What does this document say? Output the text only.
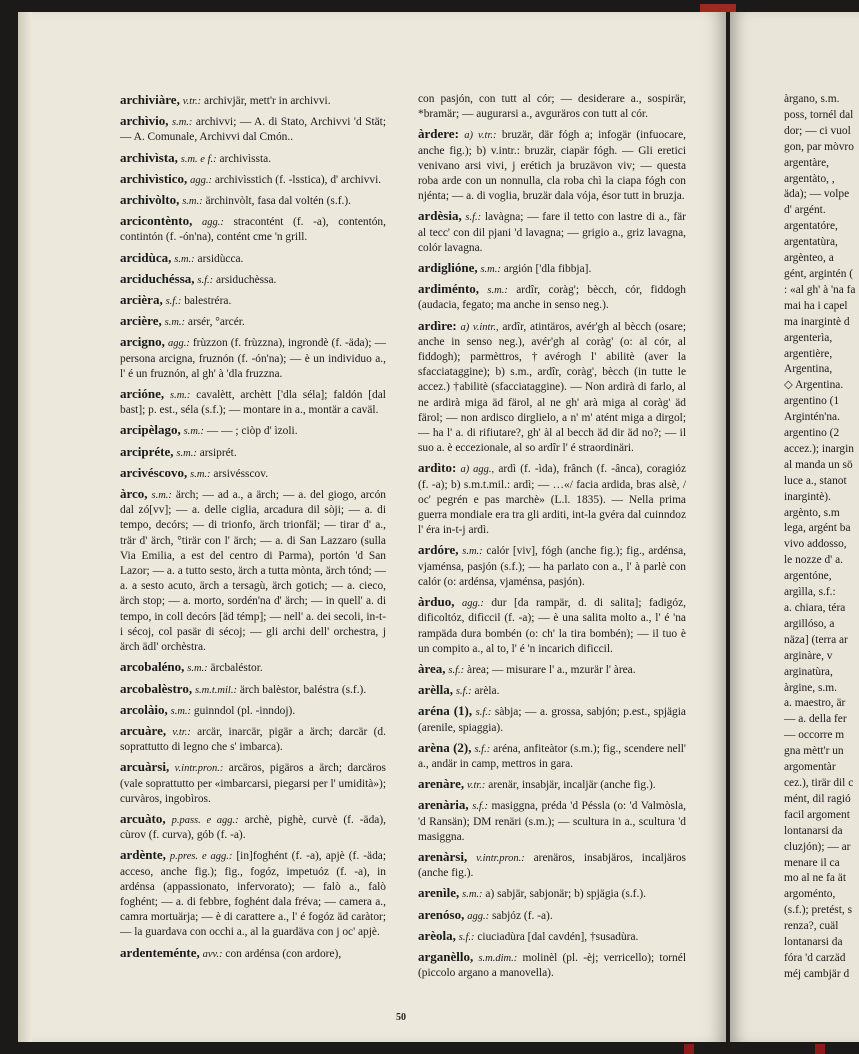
archiviàre, v.tr.: archivjär, mett'r in archivvi.

archìvio, s.m.: archivvi; — A. di Stato, Archivvi 'd Stät; — A. Comunale, Archivvi dal Cmón..

archivìsta, s.m. e f.: archivìssta.

archivìstico, agg.: archivìsstich (f. -lsstica), d' archivvi.

archivòlto, s.m.: ärchinvòlt, fasa dal voltén (s.f.).

arcicontènto, agg.: stracontént (f. -a), contentón, contintón (f. -ón'na), contént cme 'n grill.

arcidùca, s.m.: arsidùcca.

arciduchéssa, s.f.: arsiduchèssa.

arcièra, s.f.: balestréra.

arcière, s.m.: arsér, °arcér.

arcigno, agg.: frùzzon (f. frùzzna), ingrondè (f. -äda); — persona arcigna, fruznón (f. -ón'na); — è un individuo a., l' é un fruznón, al gh' à 'dla fruzzna.

arcióne, s.m.: cavalètt, archètt ['dla séla]; faldón [dal bast]; p. est., séla (s.f.); — montare in a., montär a caväl.

arcipèlago, s.m.: — — ; ciòp d' ìzoli.

arcipréte, s.m.: arsiprét.

arcivéscovo, s.m.: arsivésscov.

àrco, s.m.: ärch; — ad a., a ärch; — a. del giogo, arcón dal zó[vv]; — a. delle ciglia, arcadura dil sòji; — a. di tempo, decórs; — di trionfo, ärch trionfäl; — tirar d' a., trär d' ärch, °tirär con l' ärch; — a. di San Lazzaro (sulla Via Emilia, a est del centro di Parma), portón 'd San Lazor; — a. a tutto sesto, ärch a tutta mònta, ärch tónd; — a. a sesto acuto, ärch a tersagù, ärch gotich; — a. cieco, ärch stop; — a. morto, sordén'na d' ärch; — in quell' a. di tempo, in coll decórs [äd témp]; — nell' a. dei secoli, in-t-i sécoj, col pasär di sécoj; — gli archi dell' orchestra, j ärch ädl' orchèstra.

arcobaléno, s.m.: ärcbaléstor.

arcobalèstro, s.m.t.mil.: ärch balèstor, baléstra (s.f.).

arcolàio, s.m.: guinndol (pl. -inndoj).

arcuàre, v.tr.: arcär, inarcär, pigär a ärch; darcär (d. soprattutto di legno che s' imbarca).

arcuàrsi, v.intr.pron.: arcäros, pigäros a ärch; darcäros (vale soprattutto per «imbarcarsi, piegarsi per l' umidità»); curvàros, ingobìros.

arcuàto, p.pass. e agg.: archè, pighè, curvè (f. -äda), cùrov (f. curva), gób (f. -a).

ardènte, p.pres. e agg.: [in]foghént (f. -a), apjè (f. -äda; acceso, anche fig.); fig., fogóz, impetuóz (f. -a), in ardénsa (appassionato, infervorato); — falò a., falò foghént; — a. di febbre, foghént dala fréva; — camera a., camra mortuärja; — è di carattere a., l' é fogóz äd caràtor; — la guardava con occhi a., al la guardäva con j oc' apjè.

ardenteménte, avv.: con ardénsa (con ardore),

con pasjón, con tutt al cór; — desiderare a., sospirär, *bramär; — augurarsi a., avguräros con tutt al cór.

àrdere: a) v.tr.: bruzär, där fógh a; infogär (infuocare, anche fig.); b) v.intr.: bruzär, ciapär fógh. — Gli eretici venivano arsi vivi, j erétich ja bruzävon viv; — questa roba arde con un nonnulla, cla roba chì la ciapa fógh con njénta; — a. di voglia, bruzär dala vója, ésor tutt in bruzja.

ardèsia, s.f.: lavàgna; — fare il tetto con lastre di a., fär al tecc' con dil pjani 'd lavagna; — grigio a., griz lavagna, colór lavagna.

ardiglióne, s.m.: argión ['dla fibbja].

ardiménto, s.m.: ardîr, coràg'; bècch, cór, fiddogh (audacia, fegato; ma anche in senso neg.).

ardìre: a) v.intr., ardîr, atintäros, avér'gh al bècch (osare; anche in senso neg.), avér'gh al coràg' (o: al cór, al fiddogh); parmèttros, †avérogh l' abilitè (aver la sfacciataggine); b) s.m., ardîr, coràg', bècch (in tutte le accez.) †abilitè (sfacciataggine). — Non ardirà di farlo, al ne ardirà miga äd färol, al ne gh' arà miga al coràg' äd färol; — non ardisco dirglielo, a n' m' atént miga a dirgol; — ha l' a. di rifiutare?, gh' àl al becch äd dir äd no?; — il suo a. è eccezionale, al so ardîr l' é straordinäri.

ardìto: a) agg., ardì (f. -ìda), frânch (f. -ânca), coragióz (f. -a); b) s.m.t.mil.: ardì; — …«/ facia ardida, bras alsè, / oc' pegrén e pas marchè» (L.l. 1835). — Nella prima guerra mondiale era tra gli arditi, int-la gvéra dal cuinndoz l' éra in-t-j ardì.

ardóre, s.m.: calór [viv], fógh (anche fig.); fig., ardénsa, vjaménsa, pasjón (s.f.); — ha parlato con a., l' à parlè con calór (o: ardénsa, vjaménsa, pasjón).

àrduo, agg.: dur [da rampär, d. di salita]; fadigóz, dificoltóz, difìccil (f. -a); — è una salita molto a., l' é 'na rampäda dura bombén (o: ch' la tira bombén); — il tuo è un compito a., al to, l' é 'n incarich dificcil.

àrea, s.f.: àrea; — misurare l' a., mzurär l' àrea.

arèlla, s.f.: arèla.

aréna (1), s.f.: sàbja; — a. grossa, sabjón; p.est., spjägia (arenile, spiaggia).

arèna (2), s.f.: aréna, anfiteàtor (s.m.); fig., scendere nell' a., andär in camp, mettros in gara.

arenàre, v.tr.: arenär, insabjär, incaljär (anche fig.).

arenària, s.f.: masiggna, préda 'd Péssla (o: 'd Valmòsla, 'd Ransän); DM renäri (s.m.); — scultura in a., scultura 'd masiggna.

arenàrsi, v.intr.pron.: arenäros, insabjäros, incaljäros (anche fig.).

arenìle, s.m.: a) sabjär, sabjonär; b) spjägia (s.f.).

arenóso, agg.: sabjóz (f. -a).

arèola, s.f.: ciuciadùra [dal cavdén], †susadùra.

arganèllo, s.m.dim.: molinèl (pl. -èj; verricello); tornél (piccolo argano a manovella).

àrgano, s.m.
poss, tornél dal
dor; — ci vuol
gon, par mòvro
argentàre,
argentàto, ,
äda); — volpe
d' argént.
argentatóre,
argentatùra,
argènteo, a
gént, argintén (
: «al gh' à 'na fa
mai ha i capel
ma inargintè d
argenterìa,
argentière,
Argentina,
◇ Argentina.
argentino (1
Argintén'na.
argentino (2
accez.); inargin
al manda un sö
luce a., stanot
inargintè).
argènto, s.m
lega, argént ba
vivo addosso,
le nozze d' a.
argentóne,
argìlla, s.f.:
a. chiara, téra
argillóso, a
näza] (terra ar
arginàre, v
arginatùra,
àrgine, s.m.
a. maestro, är
— a. della fer
— occorre m
gna mètt'r un
argomentàr
cez.), tirär dil c
mént, dil ragió
facil argoment
lontanarsi da
cluzjón); — ar
menare il ca
mo al ne fa ät
argoménto,
(s.f.); pretést, s
renza?, cuäl
lontanarsi da
fóra 'd carzäd
méj cambjär d
50
